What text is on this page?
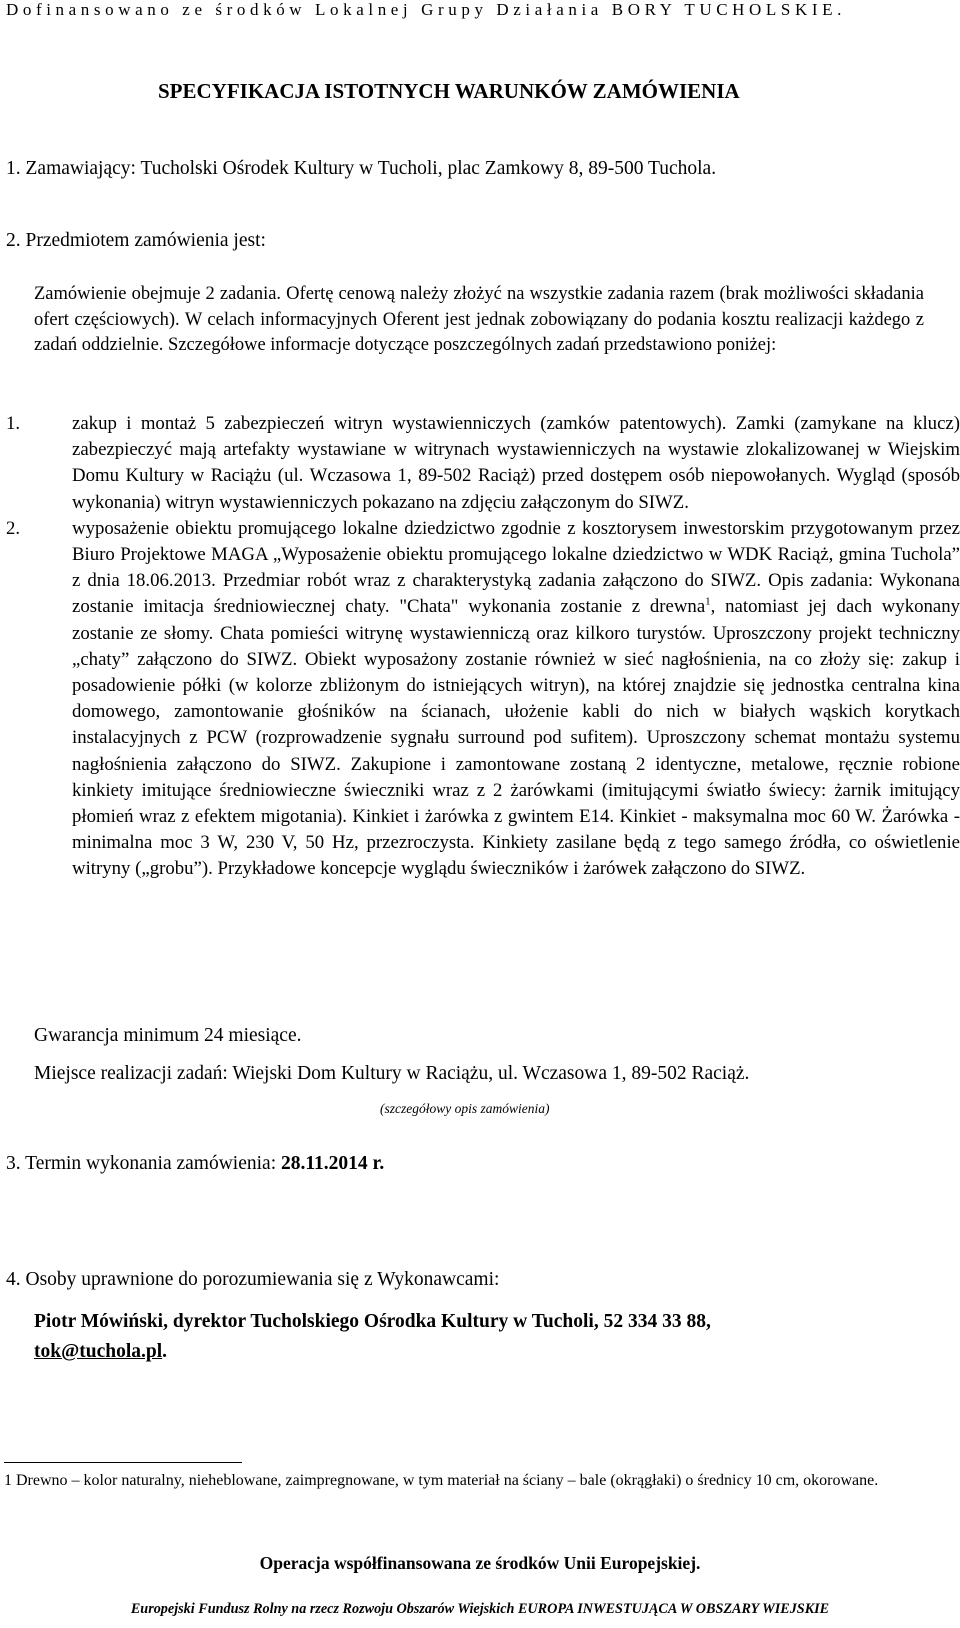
Dofinansowano ze środków Lokalnej Grupy Działania BORY TUCHOLSKIE.
SPECYFIKACJA ISTOTNYCH WARUNKÓW ZAMÓWIENIA
1. Zamawiający: Tucholski Ośrodek Kultury w Tucholi, plac Zamkowy 8, 89-500 Tuchola.
2. Przedmiotem zamówienia jest:
Zamówienie obejmuje 2 zadania. Ofertę cenową należy złożyć na wszystkie zadania razem (brak możliwości składania ofert częściowych). W celach informacyjnych Oferent jest jednak zobowiązany do podania kosztu realizacji każdego z zadań oddzielnie. Szczegółowe informacje dotyczące poszczególnych zadań przedstawiono poniżej:
1.	zakup i montaż 5 zabezpieczeń witryn wystawienniczych (zamków patentowych). Zamki (zamykane na klucz) zabezpieczyć mają artefakty wystawiane w witrynach wystawienniczych na wystawie zlokalizowanej w Wiejskim Domu Kultury w Raciążu (ul. Wczasowa 1, 89-502 Raciąż) przed dostępem osób niepowołanych. Wygląd (sposób wykonania) witryn wystawienniczych pokazano na zdjęciu załączonym do SIWZ.
2.	wyposażenie obiektu promującego lokalne dziedzictwo zgodnie z kosztorysem inwestorskim przygotowanym przez Biuro Projektowe MAGA „Wyposażenie obiektu promującego lokalne dziedzictwo w WDK Raciąż, gmina Tuchola” z dnia 18.06.2013. Przedmiar robót wraz z charakterystyką zadania załączono do SIWZ. Opis zadania: Wykonana zostanie imitacja średniowiecznej chaty. "Chata" wykonania zostanie z drewna$^1$, natomiast jej dach wykonany zostanie ze słomy. Chata pomieści witrynę wystawienniczą oraz kilkoro turystów. Uproszczony projekt techniczny „chaty” załączono do SIWZ. Obiekt wyposażony zostanie również w sieć nagłośnienia, na co złoży się: zakup i posadowienie półki (w kolorze zbliżonym do istniejących witryn), na której znajdzie się jednostka centralna kina domowego, zamontowanie głośników na ścianach, ułożenie kabli do nich w białych wąskich korytkach instalacyjnych z PCW (rozprowadzenie sygnału surround pod sufitem). Uproszczony schemat montażu systemu nagłośnienia załączono do SIWZ. Zakupione i zamontowane zostaną 2 identyczne, metalowe, ręcznie robione kinkiety imitujące średniowieczne świeczniki wraz z 2 żarówkami (imitującymi światło świecy: żarnik imitujący płomień wraz z efektem migotania). Kinkiet i żarówka z gwintem E14. Kinkiet - maksymalna moc 60 W. Żarówka - minimalna moc 3 W, 230 V, 50 Hz, przezroczysta. Kinkiety zasilane będą z tego samego źródła, co oświetlenie witryny („grobu”). Przykładowe koncepcje wyglądu świeczników i żarówek załączono do SIWZ.
Gwarancja minimum 24 miesiące.
Miejsce realizacji zadań: Wiejski Dom Kultury w Raciążu, ul. Wczasowa 1, 89-502 Raciąż.
(szczegółowy opis zamówienia)
3. Termin wykonania zamówienia: 28.11.2014 r.
4. Osoby uprawnione do porozumiewania się z Wykonawcami:
Piotr Mówiński, dyrektor Tucholskiego Ośrodka Kultury w Tucholi, 52 334 33 88,
tok@tuchola.pl.
1 Drewno – kolor naturalny, nieheblowane, zaimpregnowane, w tym materiał na ściany – bale (okrągłaki) o średnicy 10 cm, okorowane.
Operacja współfinansowana ze środków Unii Europejskiej.
Europejski Fundusz Rolny na rzecz Rozwoju Obszarów Wiejskich EUROPA INWESTUJĄCA W OBSZARY WIEJSKIE
